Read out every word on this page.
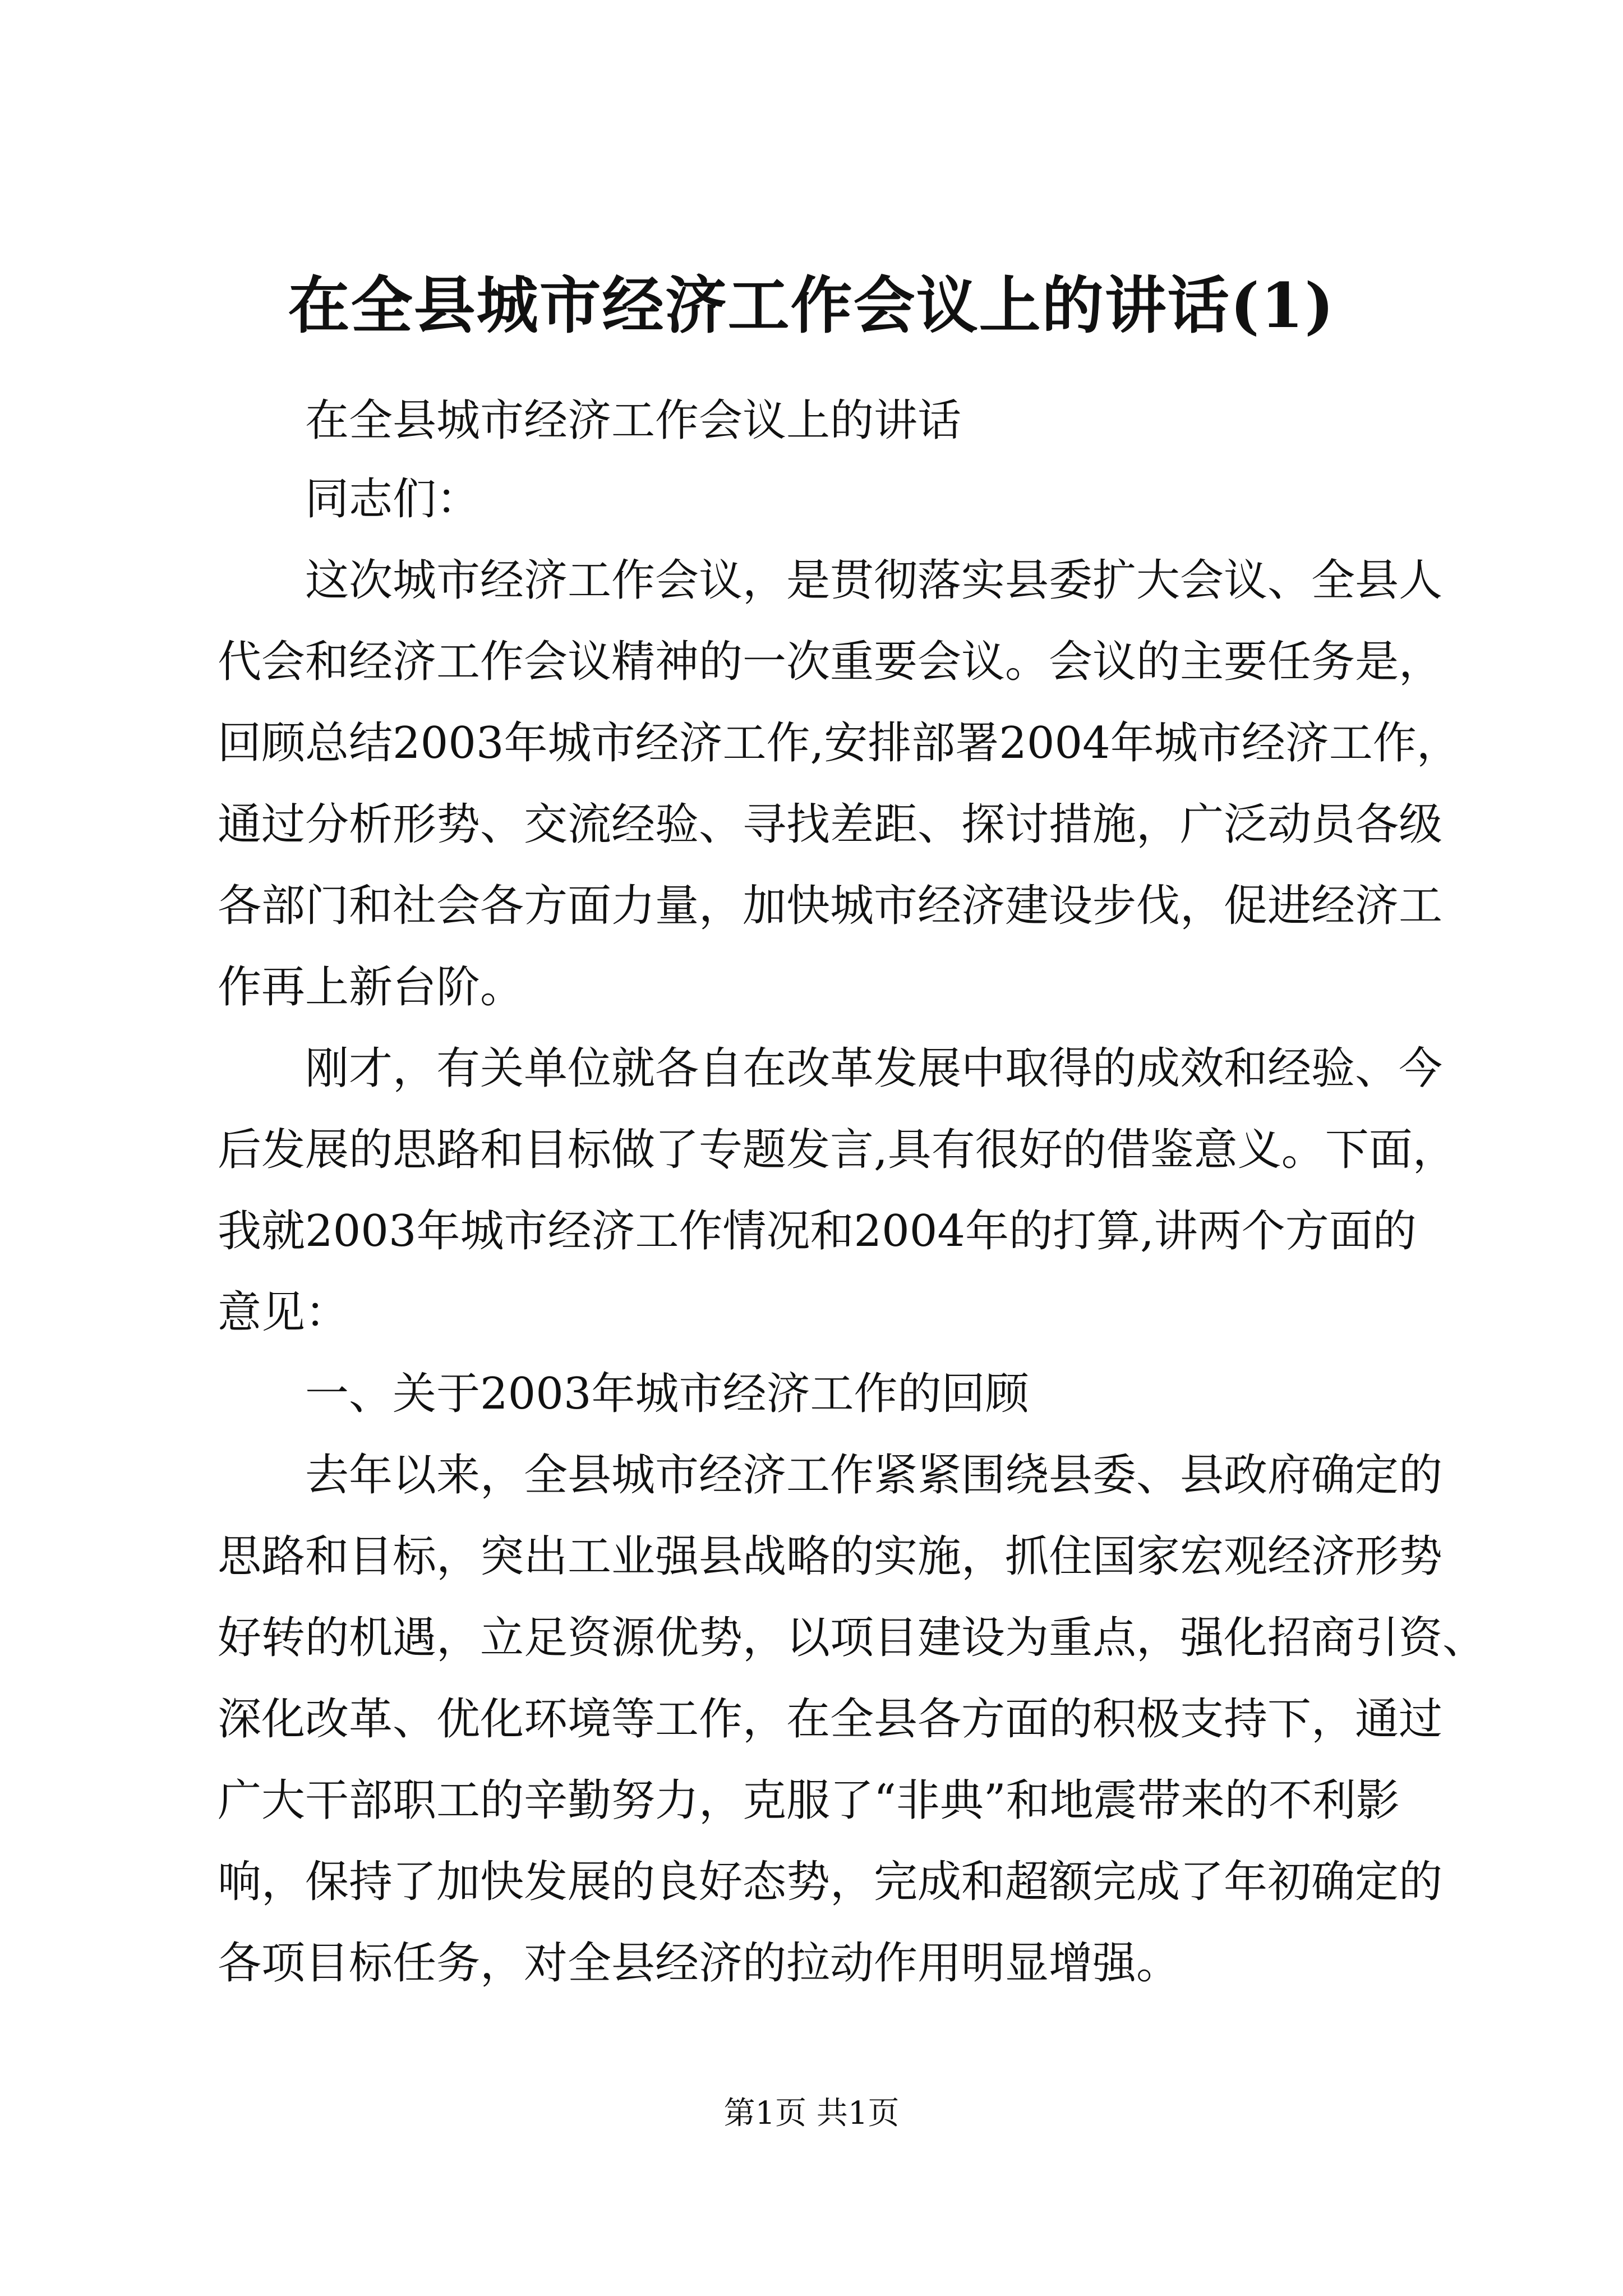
在全县城市经济工作会议上的讲话(1)
在全县城市经济工作会议上的讲话
同志们：
这次城市经济工作会议，是贯彻落实县委扩大会议、全县人
代会和经济工作会议精神的一次重要会议。会议的主要任务是，
回顾总结2003年城市经济工作,安排部署2004年城市经济工作，
通过分析形势、交流经验、寻找差距、探讨措施，广泛动员各级
各部门和社会各方面力量，加快城市经济建设步伐，促进经济工
作再上新台阶。
刚才，有关单位就各自在改革发展中取得的成效和经验、今
后发展的思路和目标做了专题发言,具有很好的借鉴意义。下面，
我就2003年城市经济工作情况和2004年的打算,讲两个方面的
意见：
一、关于2003年城市经济工作的回顾
去年以来，全县城市经济工作紧紧围绕县委、县政府确定的
思路和目标，突出工业强县战略的实施，抓住国家宏观经济形势
好转的机遇，立足资源优势，以项目建设为重点，强化招商引资、
深化改革、优化环境等工作，在全县各方面的积极支持下，通过
广大干部职工的辛勤努力，克服了“非典”和地震带来的不利影
响，保持了加快发展的良好态势，完成和超额完成了年初确定的
各项目标任务，对全县经济的拉动作用明显增强。
第1页 共1页
